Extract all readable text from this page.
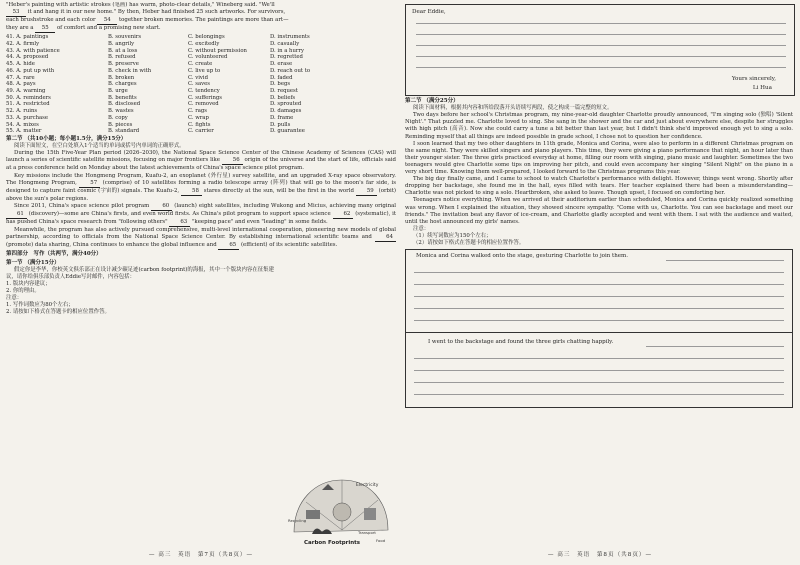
"Heber's painting with artistic strokes (笔画) has warm, photo-clear details," Wineberg said. "We'll

53 it and hang it in our new home." By then, Heber had finished 25 such artworks. For survivors,

each brushstroke and each color 54 together broken memories. The paintings are more than art—

they are a 55 of comfort and a promising new start.

41. A. paintings	B. souvenirs	C. belongings	D. instruments
42. A. firmly	B. angrily	C. excitedly	D. casually
43. A. with patience	B. at a loss	C. without permission	D. in a hurry
44. A. proposed	B. refused	C. volunteered	D. regretted
45. A. hide	B. preserve	C. create	D. erase
46. A. put up with	B. check in with	C. live up to	D. reach out to
47. A. rare	B. broken	C. vivid	D. faded
48. A. pays	B. charges	C. saves	D. begs
49. A. warning	B. urge	C. tendency	D. request
50. A. reminders	B. benefits	C. sufferings	D. beliefs
51. A. restricted	B. disclosed	C. removed	D. sprouted
52. A. ruins	B. wastes	C. rags	D. damages
53. A. purchase	B. copy	C. wrap	D. frame
54. A. mixes	B. pieces	C. fights	D. pulls
55. A. matter	B. standard	C. carrier	D. guarantee
第二节 （共10小题；每小题1.5分，满分15分）

阅读下面短文，在空白处填入1个适当的单词或括号内单词的正确形式。

During the 15th Five-Year Plan period (2026–2030), the National Space Science Center of the Chinese Academy of Sciences (CAS) will launch a series of scientific satellite missions, focusing on major frontiers like 56 origin of the universe and the start of life, officials said at a press conference held on Monday about the latest achievements of China's space science pilot program.

Key missions include the Hongmeng Program, Kuafu-2, an exoplanet (外行星) survey satellite, and an upgraded X-ray space observatory. The Hongmeng Program, 57 (comprise) of 10 satellites forming a radio telescope array (阵列) that will go to the moon's far side, is designed to capture faint cosmic (宇宙的) signals. The Kuafu-2, 58 stares directly at the sun, will be the first in the world 59 (orbit) above the sun's polar regions.

Since 2011, China's space science pilot program 60 (launch) eight satellites, including Wukong and Micius, achieving many original 61 (discovery)—some are China's firsts, and even world firsts. As China's pilot program to support space science 62 (systematic), it has pushed China's space research from "following others" 63 "keeping pace" and even "leading" in some fields.

Meanwhile, the program has also actively pursued comprehensive, multi-level international cooperation, pioneering new models of global partnership, according to officials from the National Space Science Center. By establishing international scientific teams and	64 (promote) data sharing, China continues to enhance the global influence and 65 (efficient) of its scientific satellites.

第四部分　写作（共两节，满分40分）
第一节 （满分15分）

假定你是李华，你校英文俱乐部正在设计减少碳足迹(carbon footprint)的海报，其中一个版块内容在征集建议，请你给俱乐部负责人Eddie写封邮件，内容包括：

1. 版块内容建议；

2. 你的理由。

注意：

1. 写作词数应为80个左右；

2. 请按如下格式在答题卡的相应位置作答。

Electricity
Carbon Footprints
Transport
Food
Recycling
— 高三　英语　第7页（共8页）—
Dear Eddie,
Yours sincerely,
Li Hua
第二节 （满分25分）

阅读下面材料，根据其内容和所给段落开头语续写两段，使之构成一篇完整的短文。

Two days before her school's Christmas program, my nine-year-old daughter Charlotte proudly announced, "I'm singing solo (独唱) 'Silent Night'." That puzzled me. Charlotte loved to sing. She sang in the shower and the car and just about everywhere else, despite her struggles with high pitch (高音). Now she could carry a tune a bit better than last year, but I didn't think she'd improved enough yet to sing a solo. Reminding myself that all things are indeed possible in grade school, I chose not to question her confidence.

I soon learned that my two other daughters in 11th grade, Monica and Corina, were also to perform in a different Christmas program on the same night. They were skilled singers and piano players. This time, they were giving a piano performance that night, an hour later than their younger sister. The three girls practiced everyday at home, filling our room with singing, piano music and laughter. Sometimes the two teenagers would give Charlotte some tips on improving her pitch, and could even accompany her singing "Silent Night" on the piano in a very short time. Knowing them well-prepared, I looked forward to the Christmas programs this year.

The big day finally came, and I came to school to watch Charlotte's performance with delight. However, things went wrong. Shortly after dropping her backstage, she found me in the hall, eyes filled with tears. Her teacher explained there had been a misunderstanding—Charlotte was not picked to sing a solo. Heartbroken, she asked to leave. Though upset, I focused on comforting her.

Teenagers notice everything. When we arrived at their auditorium earlier than scheduled, Monica and Corina quickly realized something was wrong. When I explained the situation, they showed sincere sympathy. "Come with us, Charlotte. You can see backstage and meet our friends." The invitation beat any flavor of ice-cream, and Charlotte gladly accepted and went with them. I sat with the audience and waited, until the host announced my girls' names.

注意：

（1）续写词数应为150个左右；

（2）请按如下格式在答题卡的相应位置作答。

Monica and Corina walked onto the stage, gesturing Charlotte to join them.
I went to the backstage and found the three girls chatting happily.
— 高三　英语　第8页（共8页）—
